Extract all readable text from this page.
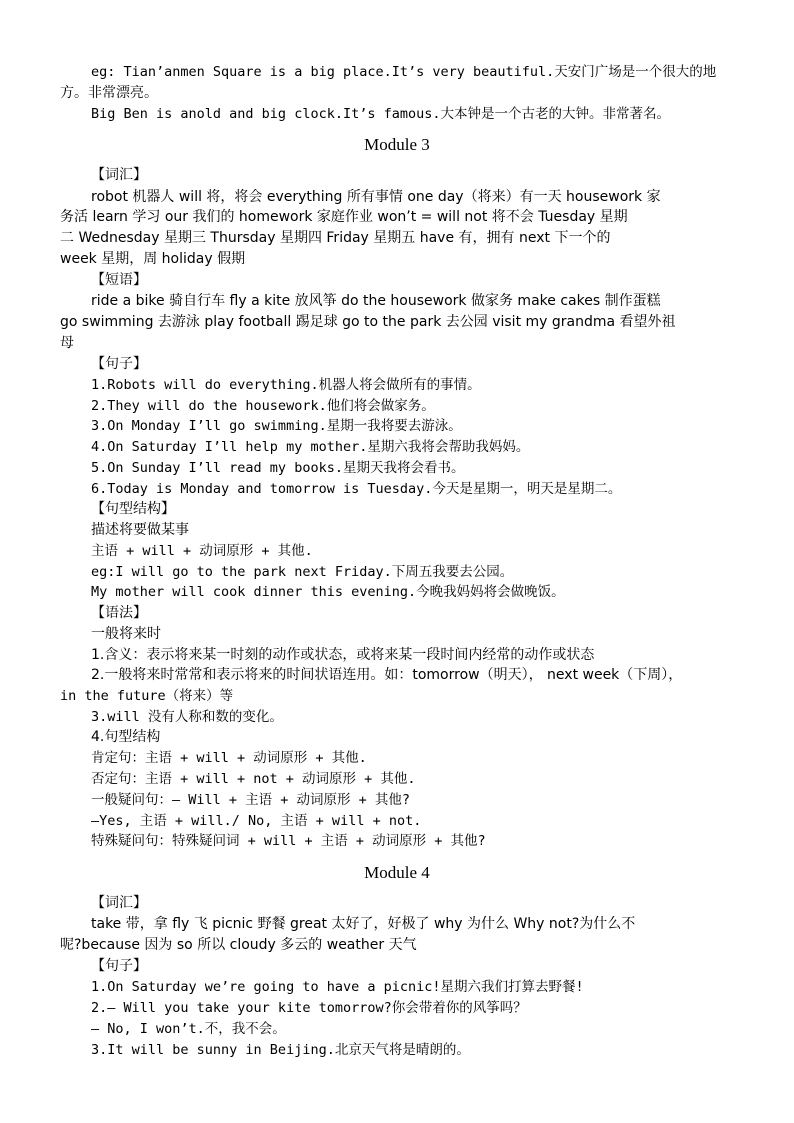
eg: Tian’anmen Square is a big place.It’s very beautiful.天安门广场是一个很大的地
方。非常漂亮。
Big Ben is anold and big clock.It’s famous.大本钟是一个古老的大钟。非常著名。
Module 3
【词汇】
robot 机器人 will 将，将会 everything 所有事情 one day（将来）有一天 housework 家
务活 learn 学习 our 我们的 homework 家庭作业 won’t = will not 将不会 Tuesday 星期
二 Wednesday 星期三 Thursday 星期四 Friday 星期五 have 有，拥有 next 下一个的
week 星期，周 holiday 假期
【短语】
ride a bike 骑自行车 fly a kite 放风筝 do the housework 做家务 make cakes 制作蛋糕
go swimming 去游泳 play football 踢足球 go to the park 去公园 visit my grandma 看望外祖
母
【句子】
1.Robots will do everything.机器人将会做所有的事情。
2.They will do the housework.他们将会做家务。
3.On Monday I’ll go swimming.星期一我将要去游泳。
4.On Saturday I’ll help my mother.星期六我将会帮助我妈妈。
5.On Sunday I’ll read my books.星期天我将会看书。
6.Today is Monday and tomorrow is Tuesday.今天是星期一，明天是星期二。
【句型结构】
描述将要做某事
主语 + will + 动词原形 + 其他.
eg:I will go to the park next Friday.下周五我要去公园。
My mother will cook dinner this evening.今晚我妈妈将会做晚饭。
【语法】
一般将来时
1.含义：表示将来某一时刻的动作或状态，或将来某一段时间内经常的动作或状态
2.一般将来时常常和表示将来的时间状语连用。如：tomorrow（明天）， next week（下周），
in the future（将来）等
3.will 没有人称和数的变化。
4.句型结构
肯定句：主语 + will + 动词原形 + 其他.
否定句：主语 + will + not + 动词原形 + 其他.
一般疑问句：— Will + 主语 + 动词原形 + 其他?
—Yes, 主语 + will./ No, 主语 + will + not.
特殊疑问句：特殊疑问词 + will + 主语 + 动词原形 + 其他?
Module 4
【词汇】
take 带，拿 fly 飞 picnic 野餐 great 太好了，好极了 why 为什么 Why not?为什么不
呢?because 因为 so 所以 cloudy 多云的 weather 天气
【句子】
1.On Saturday we’re going to have a picnic!星期六我们打算去野餐!
2.— Will you take your kite tomorrow?你会带着你的风筝吗？
— No, I won’t.不，我不会。
3.It will be sunny in Beijing.北京天气将是晴朗的。
